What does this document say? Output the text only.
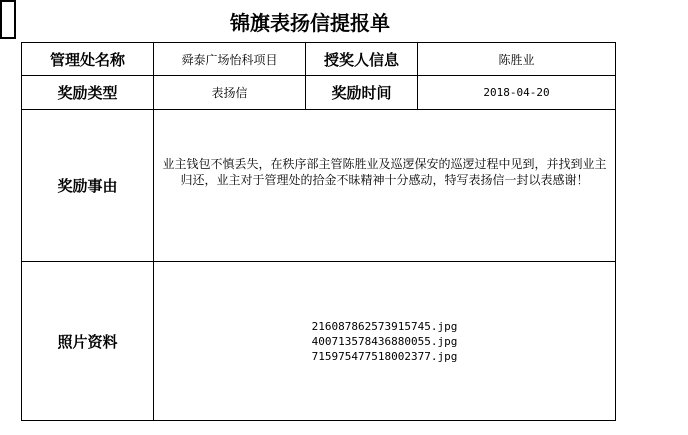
锦旗表扬信提报单
管理处名称	舜泰广场怡科项目	授奖人信息	陈胜业
奖励类型	表扬信	奖励时间	2018-04-20
奖励事由	业主钱包不慎丢失，在秩序部主管陈胜业及巡逻保安的巡逻过程中见到，并找到业主归还，业主对于管理处的拾金不昧精神十分感动，特写表扬信一封以表感谢！		

照片资料	216087862573915745.jpg
400713578436880055.jpg
715975477518002377.jpg		
